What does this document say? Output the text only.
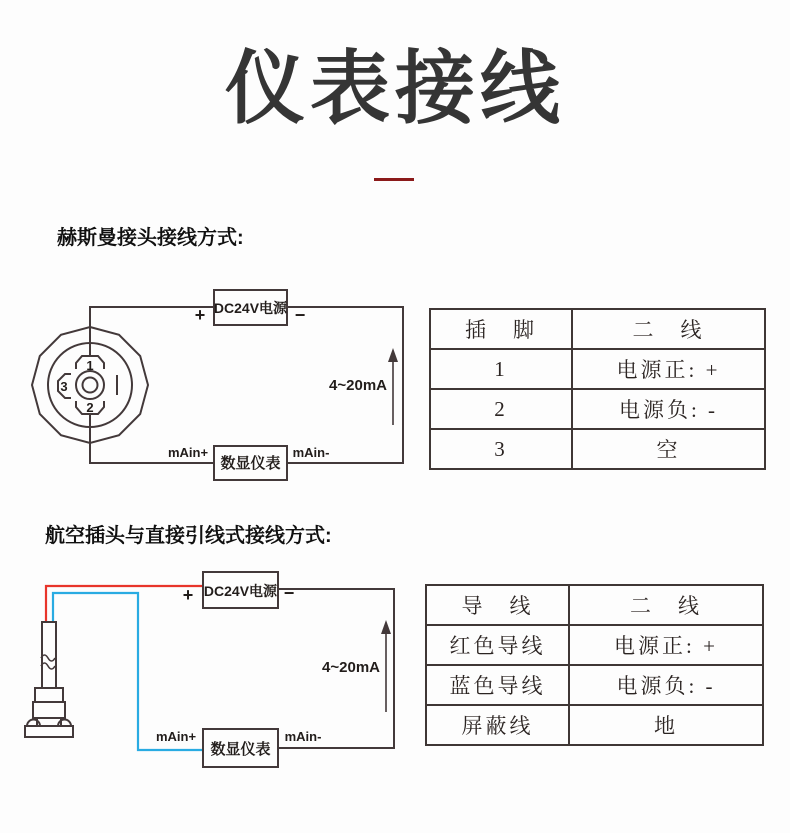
仪表接线
赫斯曼接头接线方式:
1
2
3
DC24V电源
+	−
数显仪表
mAin+	mAin-
4~20mA
插　脚	二　线
1	电源正: +
2	电源负: -
3	空
航空插头与直接引线式接线方式:
DC24V电源
+	−
数显仪表
mAin+	mAin-
4~20mA
导　线	二　线
红色导线	电源正: +
蓝色导线	电源负: -
屏蔽线	地
